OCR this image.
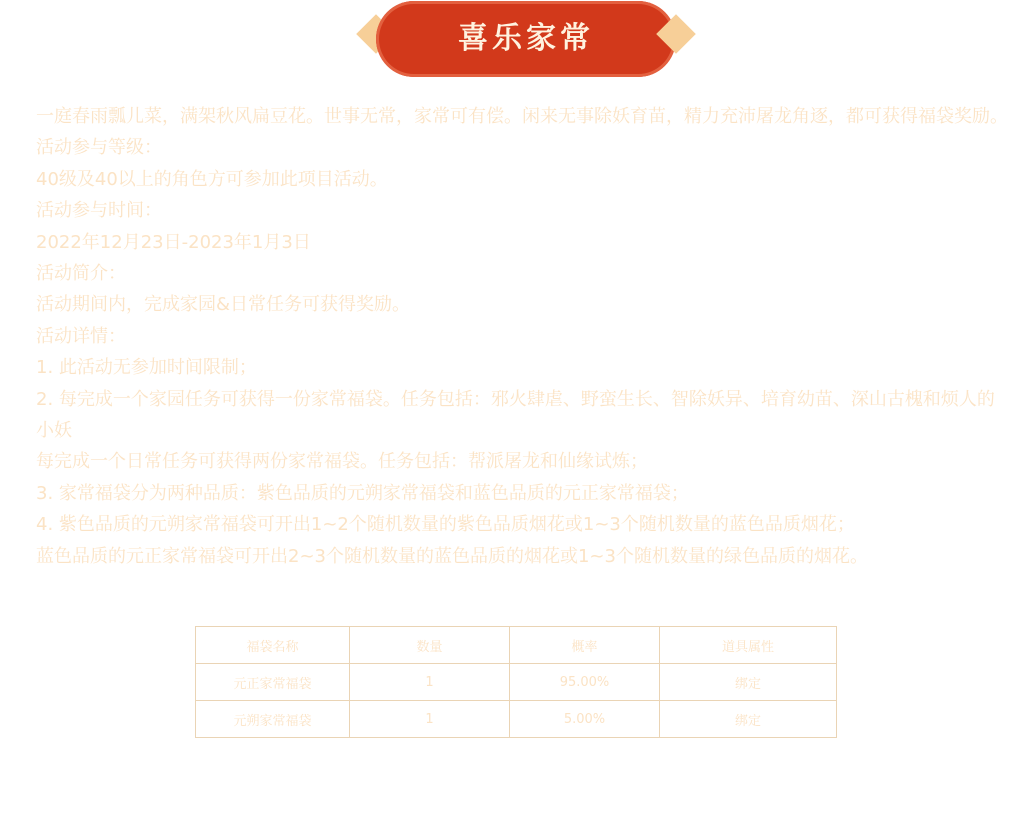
喜乐家常

一庭春雨瓢儿菜，满架秋风扁豆花。世事无常，家常可有偿。闲来无事除妖育苗，精力充沛屠龙角逐，都可获得福袋奖励。

活动参与等级：

40级及40以上的角色方可参加此项目活动。

活动参与时间：

2022年12月23日-2023年1月3日

活动简介：

活动期间内，完成家园&日常任务可获得奖励。

活动详情：

1. 此活动无参加时间限制；

2. 每完成一个家园任务可获得一份家常福袋。任务包括：邪火肆虐、野蛮生长、智除妖异、培育幼苗、深山古槐和烦人的小妖

每完成一个日常任务可获得两份家常福袋。任务包括：帮派屠龙和仙缘试炼；

3. 家常福袋分为两种品质：紫色品质的元朔家常福袋和蓝色品质的元正家常福袋；

4. 紫色品质的元朔家常福袋可开出1~2个随机数量的紫色品质烟花或1~3个随机数量的蓝色品质烟花；

蓝色品质的元正家常福袋可开出2~3个随机数量的蓝色品质的烟花或1~3个随机数量的绿色品质的烟花。

福袋名称	数量	概率	道具属性
元正家常福袋	1	95.00%	绑定
元朔家常福袋	1	5.00%	绑定
